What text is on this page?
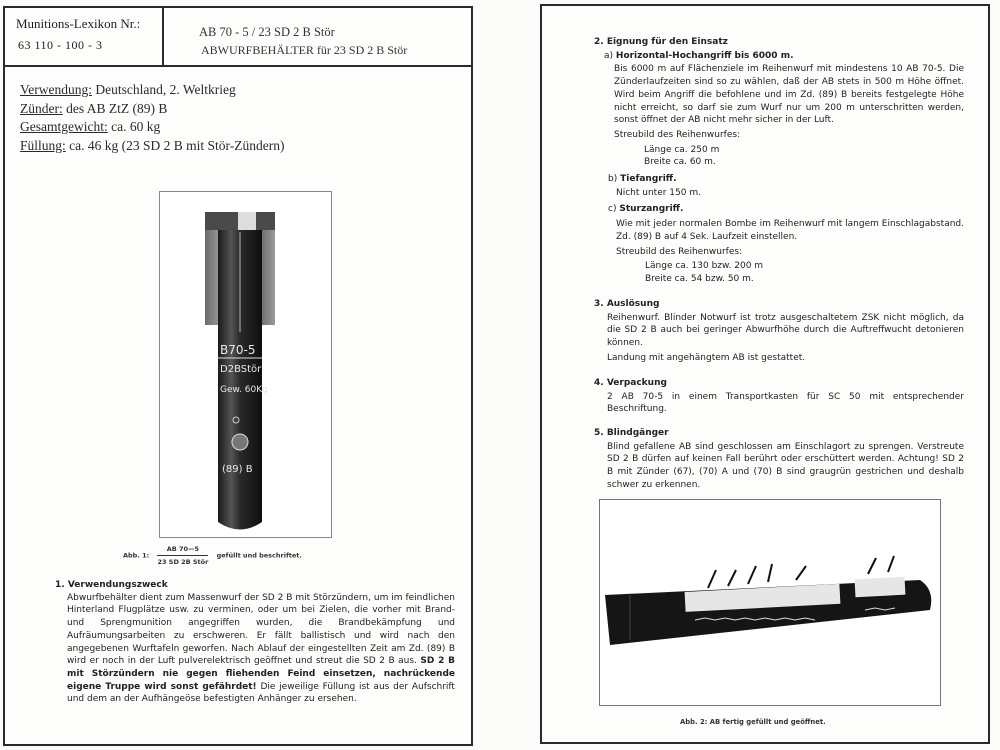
Munitions-Lexikon Nr.:
63 110 - 100 - 3
AB 70 - 5 / 23 SD 2 B Stör
ABWURFBEHÄLTER für 23 SD 2 B Stör
Verwendung: Deutschland, 2. Weltkrieg
Zünder: des AB ZtZ (89) B
Gesamtgewicht: ca. 60 kg
Füllung: ca. 46 kg (23 SD 2 B mit Stör-Zündern)
B70-5
D2BStör
Gew. 60Kg
(89) B
Abb. 1: $\frac{AB 70—5}{\text{23 SD 2B Stör}}$ gefüllt und beschriftet.
1. Verwendungszweck

Abwurfbehälter dient zum Massenwurf der SD 2 B mit Störzündern, um im feindlichen Hinterland Flugplätze usw. zu verminen, oder um bei Zielen, die vorher mit Brand- und Sprengmunition angegriffen wurden, die Brandbekämpfung und Aufräumungsarbeiten zu erschweren. Er fällt ballistisch und wird nach den angegebenen Wurftafeln geworfen. Nach Ablauf der eingestellten Zeit am Zd. (89) B wird er noch in der Luft pulverelektrisch geöffnet und streut die SD 2 B aus. SD 2 B mit Störzündern nie gegen fliehenden Feind einsetzen, nachrückende eigene Truppe wird sonst gefährdet! Die jeweilige Füllung ist aus der Aufschrift und dem an der Aufhängeöse befestigten Anhänger zu ersehen.

2. Eignung für den Einsatz
a) Horizontal-Hochangriff bis 6000 m.

Bis 6000 m auf Flächenziele im Reihenwurf mit mindestens 10 AB 70-5. Die Zünderlaufzeiten sind so zu wählen, daß der AB stets in 500 m Höhe öffnet. Wird beim Angriff die befohlene und im Zd. (89) B bereits festgelegte Höhe nicht erreicht, so darf sie zum Wurf nur um 200 m unterschritten werden, sonst öffnet der AB nicht mehr sicher in der Luft.

Streubild des Reihenwurfes:
Länge ca. 250 m
Breite ca. 60 m.
b) Tiefangriff.
Nicht unter 150 m.
c) Sturzangriff.

Wie mit jeder normalen Bombe im Reihenwurf mit langem Einschlagabstand. Zd. (89) B auf 4 Sek. Laufzeit einstellen.

Streubild des Reihenwurfes:
Länge ca. 130 bzw. 200 m
Breite ca. 54 bzw. 50 m.
3. Auslösung

Reihenwurf. Blinder Notwurf ist trotz ausgeschaltetem ZSK nicht möglich, da die SD 2 B auch bei geringer Abwurfhöhe durch die Auftreffwucht detonieren können.

Landung mit angehängtem AB ist gestattet.

4. Verpackung

2 AB 70-5 in einem Transportkasten für SC 50 mit entsprechender Beschriftung.

5. Blindgänger

Blind gefallene AB sind geschlossen am Einschlagort zu sprengen. Verstreute SD 2 B dürfen auf keinen Fall berührt oder erschüttert werden. Achtung! SD 2 B mit Zünder (67), (70) A und (70) B sind graugrün gestrichen und deshalb schwer zu erkennen.

Abb. 2: AB fertig gefüllt und geöffnet.
